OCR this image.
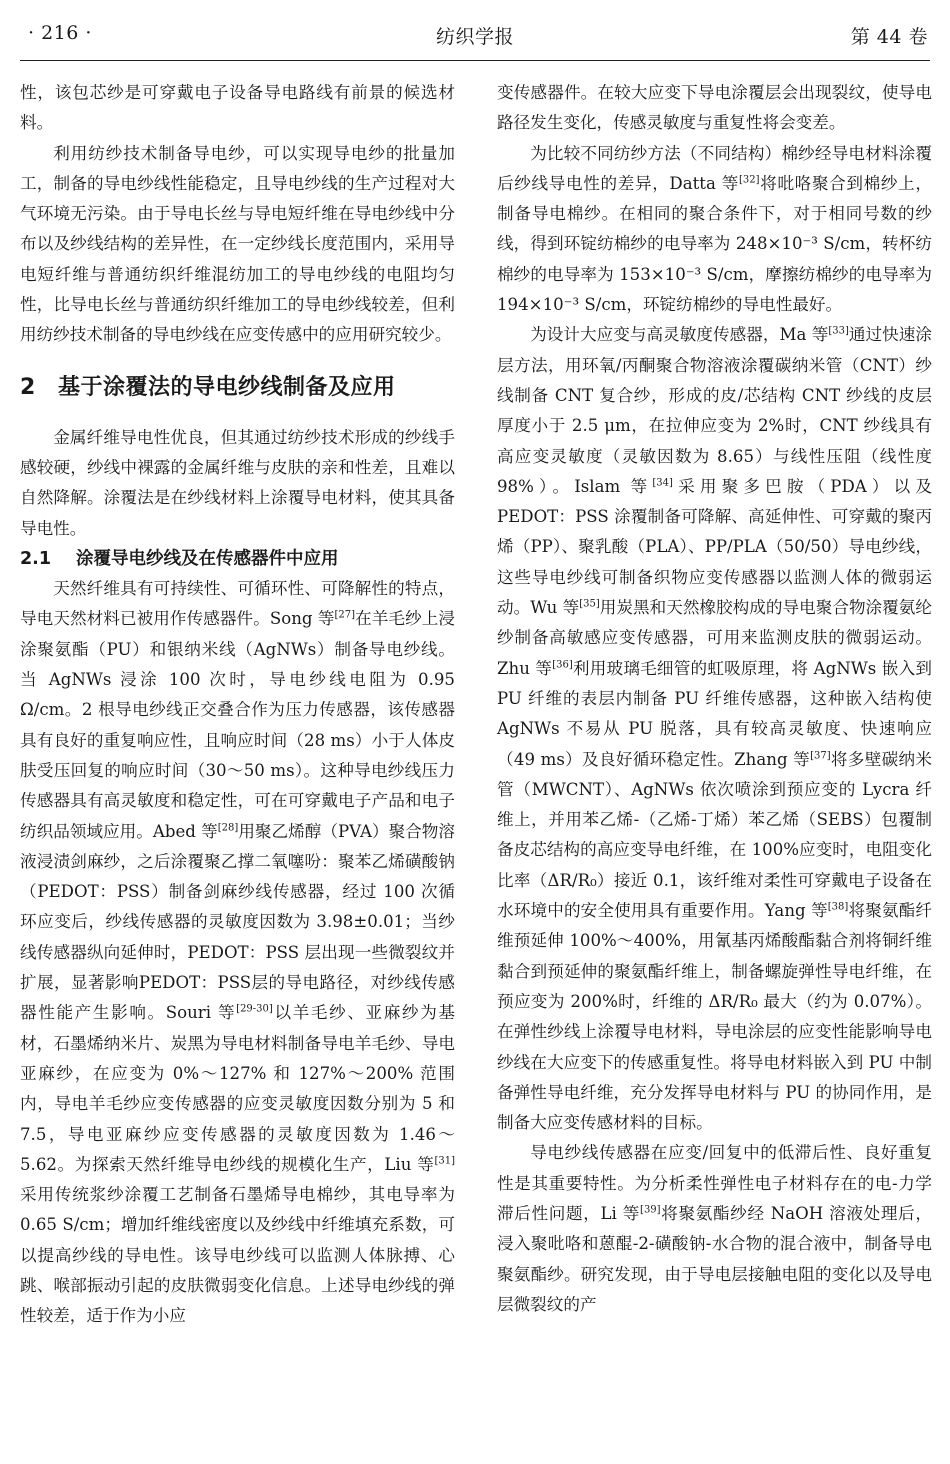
纺织学报
· 216 ·	第 44 卷

性，该包芯纱是可穿戴电子设备导电路线有前景的候选材料。

利用纺纱技术制备导电纱，可以实现导电纱的批量加工，制备的导电纱线性能稳定，且导电纱线的生产过程对大气环境无污染。由于导电长丝与导电短纤维在导电纱线中分布以及纱线结构的差异性，在一定纱线长度范围内，采用导电短纤维与普通纺织纤维混纺加工的导电纱线的电阻均匀性，比导电长丝与普通纺织纤维加工的导电纱线较差，但利用纺纱技术制备的导电纱线在应变传感中的应用研究较少。

2 基于涂覆法的导电纱线制备及应用

金属纤维导电性优良，但其通过纺纱技术形成的纱线手感较硬，纱线中裸露的金属纤维与皮肤的亲和性差，且难以自然降解。涂覆法是在纱线材料上涂覆导电材料，使其具备导电性。

2.1 涂覆导电纱线及在传感器件中应用

天然纤维具有可持续性、可循环性、可降解性的特点，导电天然材料已被用作传感器件。Song 等[27]在羊毛纱上浸涂聚氨酯（PU）和银纳米线（AgNWs）制备导电纱线。当 AgNWs 浸涂 100 次时，导电纱线电阻为 0.95 Ω/cm。2 根导电纱线正交叠合作为压力传感器，该传感器具有良好的重复响应性，且响应时间（28 ms）小于人体皮肤受压回复的响应时间（30～50 ms）。这种导电纱线压力传感器具有高灵敏度和稳定性，可在可穿戴电子产品和电子纺织品领域应用。Abed 等[28]用聚乙烯醇（PVA）聚合物溶液浸渍剑麻纱，之后涂覆聚乙撑二氧噻吩：聚苯乙烯磺酸钠（PEDOT：PSS）制备剑麻纱线传感器，经过 100 次循环应变后，纱线传感器的灵敏度因数为 3.98±0.01；当纱线传感器纵向延伸时，PEDOT：PSS 层出现一些微裂纹并扩展，显著影响PEDOT：PSS层的导电路径，对纱线传感器性能产生影响。Souri 等[29-30]以羊毛纱、亚麻纱为基材，石墨烯纳米片、炭黑为导电材料制备导电羊毛纱、导电亚麻纱，在应变为 0%～127% 和 127%～200% 范围内，导电羊毛纱应变传感器的应变灵敏度因数分别为 5 和 7.5，导电亚麻纱应变传感器的灵敏度因数为 1.46～5.62。为探索天然纤维导电纱线的规模化生产，Liu 等[31]采用传统浆纱涂覆工艺制备石墨烯导电棉纱，其电导率为 0.65 S/cm；增加纤维线密度以及纱线中纤维填充系数，可以提高纱线的导电性。该导电纱线可以监测人体脉搏、心跳、喉部振动引起的皮肤微弱变化信息。上述导电纱线的弹性较差，适于作为小应

变传感器件。在较大应变下导电涂覆层会出现裂纹，使导电路径发生变化，传感灵敏度与重复性将会变差。

为比较不同纺纱方法（不同结构）棉纱经导电材料涂覆后纱线导电性的差异，Datta 等[32]将吡咯聚合到棉纱上，制备导电棉纱。在相同的聚合条件下，对于相同号数的纱线，得到环锭纺棉纱的电导率为 248×10⁻³ S/cm，转杯纺棉纱的电导率为 153×10⁻³ S/cm，摩擦纺棉纱的电导率为 194×10⁻³ S/cm，环锭纺棉纱的导电性最好。

为设计大应变与高灵敏度传感器，Ma 等[33]通过快速涂层方法，用环氧/丙酮聚合物溶液涂覆碳纳米管（CNT）纱线制备 CNT 复合纱，形成的皮/芯结构 CNT 纱线的皮层厚度小于 2.5 μm，在拉伸应变为 2%时，CNT 纱线具有高应变灵敏度（灵敏因数为 8.65）与线性压阻（线性度 98%）。Islam 等[34]采用聚多巴胺（PDA）以及 PEDOT：PSS 涂覆制备可降解、高延伸性、可穿戴的聚丙烯（PP）、聚乳酸（PLA）、PP/PLA（50/50）导电纱线，这些导电纱线可制备织物应变传感器以监测人体的微弱运动。Wu 等[35]用炭黑和天然橡胶构成的导电聚合物涂覆氨纶纱制备高敏感应变传感器，可用来监测皮肤的微弱运动。Zhu 等[36]利用玻璃毛细管的虹吸原理，将 AgNWs 嵌入到 PU 纤维的表层内制备 PU 纤维传感器，这种嵌入结构使 AgNWs 不易从 PU 脱落，具有较高灵敏度、快速响应（49 ms）及良好循环稳定性。Zhang 等[37]将多壁碳纳米管（MWCNT）、AgNWs 依次喷涂到预应变的 Lycra 纤维上，并用苯乙烯-（乙烯-丁烯）苯乙烯（SEBS）包覆制备皮芯结构的高应变导电纤维，在 100%应变时，电阻变化比率（ΔR/R₀）接近 0.1，该纤维对柔性可穿戴电子设备在水环境中的安全使用具有重要作用。Yang 等[38]将聚氨酯纤维预延伸 100%～400%，用氰基丙烯酸酯黏合剂将铜纤维黏合到预延伸的聚氨酯纤维上，制备螺旋弹性导电纤维，在预应变为 200%时，纤维的 ΔR/R₀ 最大（约为 0.07%）。在弹性纱线上涂覆导电材料，导电涂层的应变性能影响导电纱线在大应变下的传感重复性。将导电材料嵌入到 PU 中制备弹性导电纤维，充分发挥导电材料与 PU 的协同作用，是制备大应变传感材料的目标。

导电纱线传感器在应变/回复中的低滞后性、良好重复性是其重要特性。为分析柔性弹性电子材料存在的电-力学滞后性问题，Li 等[39]将聚氨酯纱经 NaOH 溶液处理后，浸入聚吡咯和蒽醌-2-磺酸钠-水合物的混合液中，制备导电聚氨酯纱。研究发现，由于导电层接触电阻的变化以及导电层微裂纹的产
